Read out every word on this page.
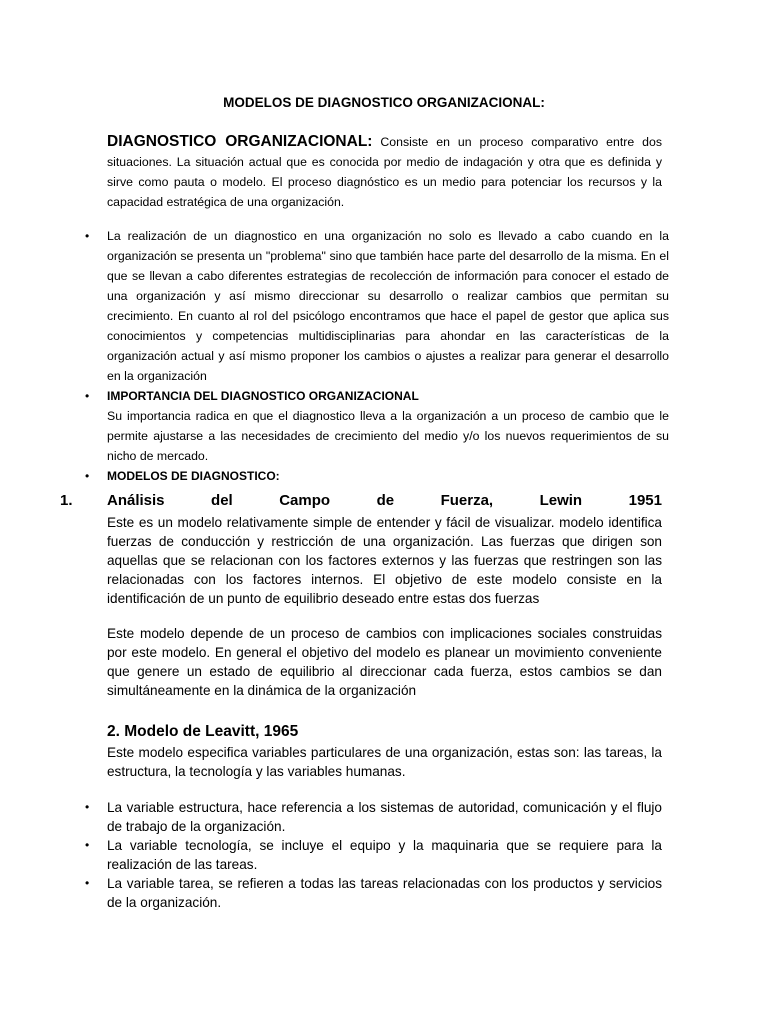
MODELOS DE DIAGNOSTICO ORGANIZACIONAL:
DIAGNOSTICO ORGANIZACIONAL: Consiste en un proceso comparativo entre dos situaciones. La situación actual que es conocida por medio de indagación y otra que es definida y sirve como pauta o modelo. El proceso diagnóstico es un medio para potenciar los recursos y la capacidad estratégica de una organización.
• La realización de un diagnostico en una organización no solo es llevado a cabo cuando en la organización se presenta un "problema" sino que también hace parte del desarrollo de la misma. En el que se llevan a cabo diferentes estrategias de recolección de información para conocer el estado de una organización y así mismo direccionar su desarrollo o realizar cambios que permitan su crecimiento. En cuanto al rol del psicólogo encontramos que hace el papel de gestor que aplica sus conocimientos y competencias multidisciplinarias para ahondar en las características de la organización actual y así mismo proponer los cambios o ajustes a realizar para generar el desarrollo en la organización
• IMPORTANCIA DEL DIAGNOSTICO ORGANIZACIONAL
Su importancia radica en que el diagnostico lleva a la organización a un proceso de cambio que le permite ajustarse a las necesidades de crecimiento del medio y/o los nuevos requerimientos de su nicho de mercado.
• MODELOS DE DIAGNOSTICO:
1.	Análisis	del	Campo	de	Fuerza,	Lewin	1951
Este es un modelo relativamente simple de entender y fácil de visualizar. modelo identifica fuerzas de conducción y restricción de una organización. Las fuerzas que dirigen son aquellas que se relacionan con los factores externos y las fuerzas que restringen son las relacionadas con los factores internos. El objetivo de este modelo consiste en la identificación de un punto de equilibrio deseado entre estas dos fuerzas
Este modelo depende de un proceso de cambios con implicaciones sociales construidas por este modelo. En general el objetivo del modelo es planear un movimiento conveniente que genere un estado de equilibrio al direccionar cada fuerza, estos cambios se dan simultáneamente en la dinámica de la organización
2. Modelo de Leavitt, 1965
Este modelo especifica variables particulares de una organización, estas son: las tareas, la estructura, la tecnología y las variables humanas.
• La variable estructura, hace referencia a los sistemas de autoridad, comunicación y el flujo de trabajo de la organización.
• La variable tecnología, se incluye el equipo y la maquinaria que se requiere para la realización de las tareas.
• La variable tarea, se refieren a todas las tareas relacionadas con los productos y servicios de la organización.
